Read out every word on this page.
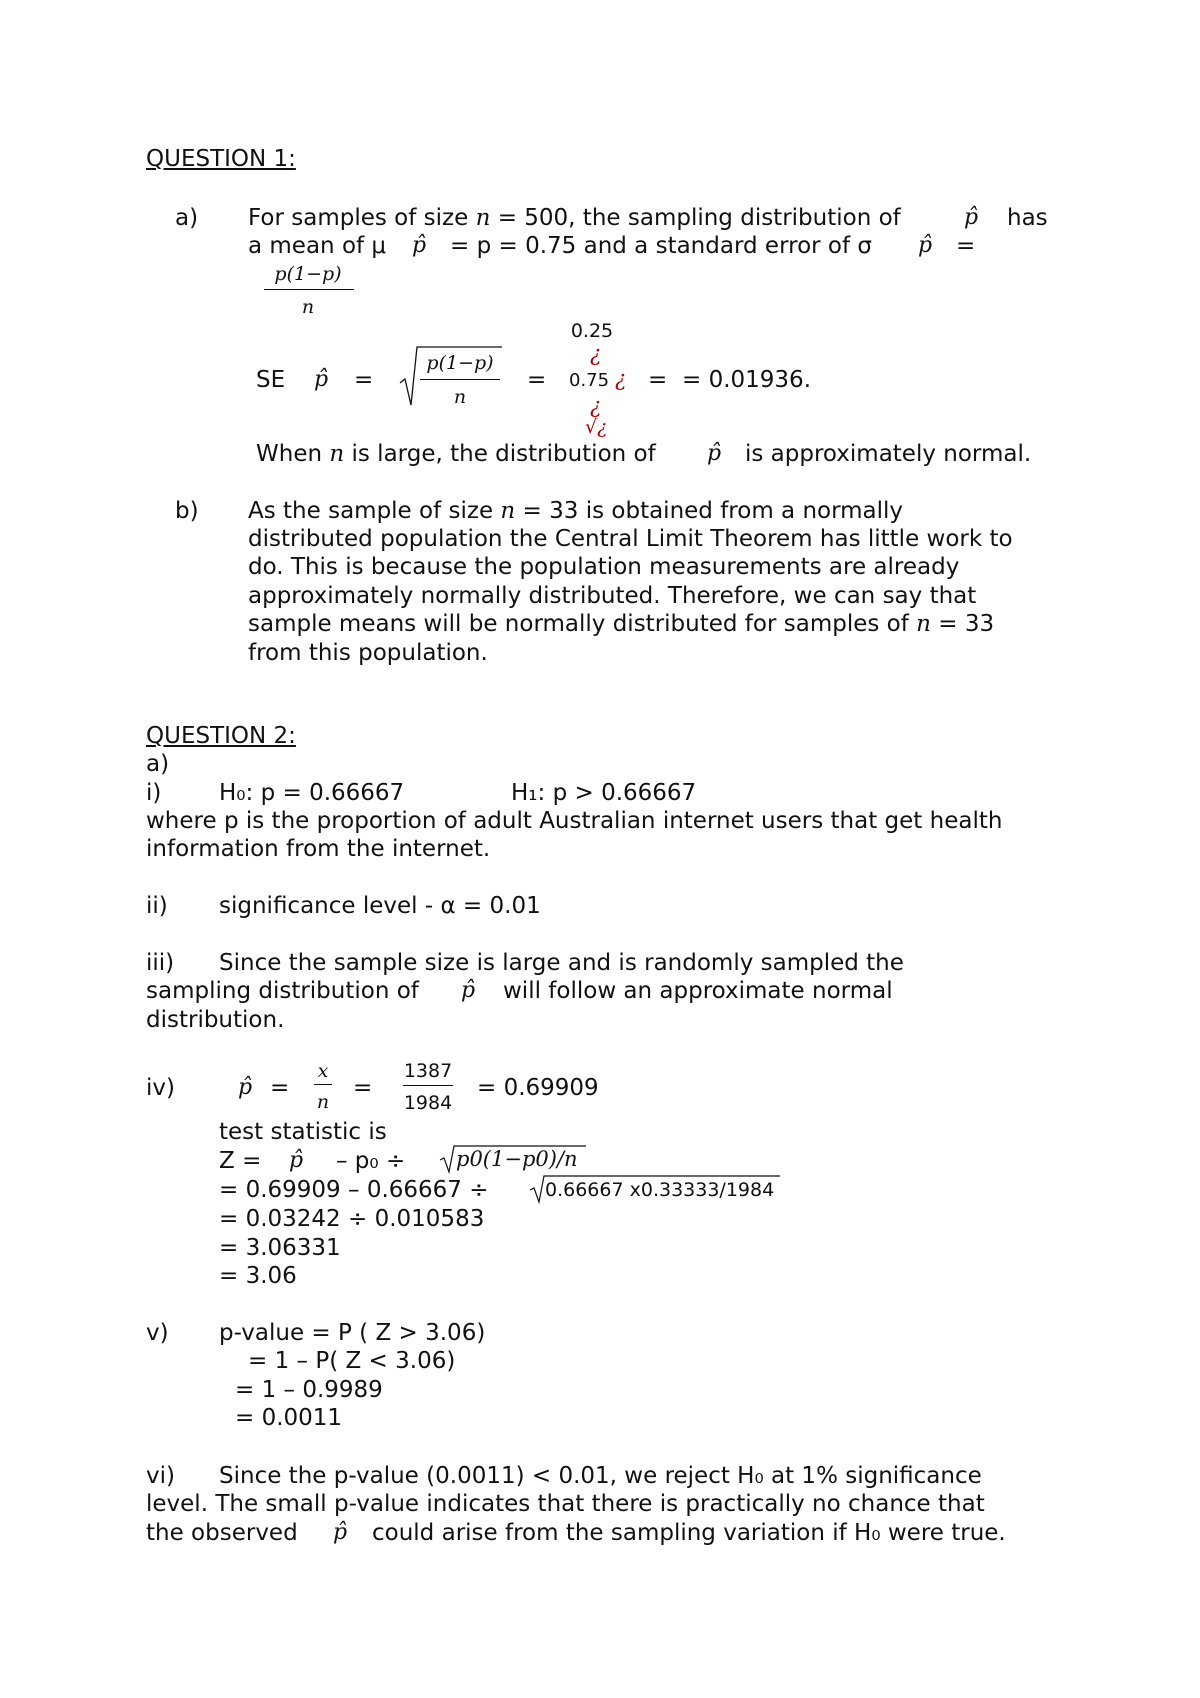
QUESTION 1:
a) For samples of size n = 500, the sampling distribution of	p̂ has
a mean of μ p̂ = p = 0.75 and a standard error of σ p̂ =
p(1−p)
n
0.25
¿
SE p̂ =
p(1−p)
n
= 0.75 ¿ = = 0.01936.
¿
√¿
When n is large, the distribution of p̂ is approximately normal.
b) As the sample of size n = 33 is obtained from a normally
distributed population the Central Limit Theorem has little work to
do. This is because the population measurements are already
approximately normally distributed. Therefore, we can say that
sample means will be normally distributed for samples of n = 33
from this population.
QUESTION 2:
a)
i)	H₀: p = 0.66667	H₁: p > 0.66667
where p is the proportion of adult Australian internet users that get health
information from the internet.
ii) significance level - α = 0.01
iii) Since the sample size is large and is randomly sampled the
sampling distribution of p̂ will follow an approximate normal
distribution.
iv)	p̂ =
x
n
=
1387
1984
= 0.69909
test statistic is
Z = p̂ – p₀ ÷ p0(1−p0)/n
= 0.69909 – 0.66667 ÷	0.66667 x0.33333/1984
= 0.03242 ÷ 0.010583
= 3.06331
= 3.06
v) p-value = P ( Z > 3.06)
= 1 – P( Z < 3.06)
= 1 – 0.9989
= 0.0011
vi) Since the p-value (0.0011) < 0.01, we reject H₀ at 1% significance
level. The small p-value indicates that there is practically no chance that
the observed p̂ could arise from the sampling variation if H₀ were true.
